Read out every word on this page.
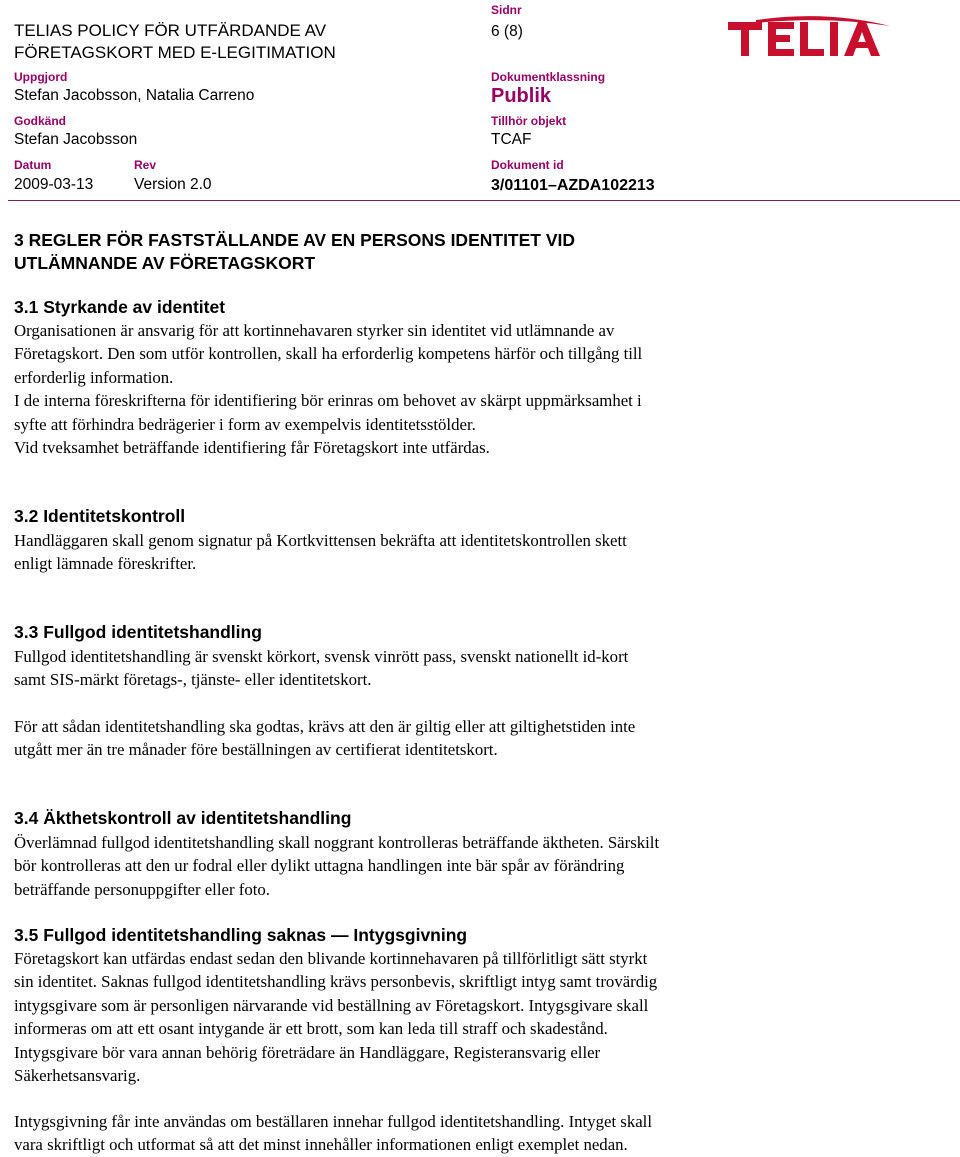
TELIAS POLICY FÖR UTFÄRDANDE AV
FÖRETAGSKORT MED E-LEGITIMATION
Sidnr
6 (8)
Uppgjord
Stefan Jacobsson, Natalia Carreno
Dokumentklassning
Publik
Godkänd
Stefan Jacobsson
Tillhör objekt
TCAF
Datum
2009-03-13
Rev
Version 2.0
Dokument id
3/01101–AZDA102213
3 REGLER FÖR FASTSTÄLLANDE AV EN PERSONS IDENTITET VID
UTLÄMNANDE AV FÖRETAGSKORT
3.1 Styrkande av identitet
Organisationen är ansvarig för att kortinnehavaren styrker sin identitet vid utlämnande av
Företagskort. Den som utför kontrollen, skall ha erforderlig kompetens härför och tillgång till
erforderlig information.
I de interna föreskrifterna för identifiering bör erinras om behovet av skärpt uppmärksamhet i
syfte att förhindra bedrägerier i form av exempelvis identitetsstölder.
Vid tveksamhet beträffande identifiering får Företagskort inte utfärdas.
3.2 Identitetskontroll
Handläggaren skall genom signatur på Kortkvittensen bekräfta att identitetskontrollen skett
enligt lämnade föreskrifter.
3.3 Fullgod identitetshandling
Fullgod identitetshandling är svenskt körkort, svensk vinrött pass, svenskt nationellt id-kort
samt SIS-märkt företags-, tjänste- eller identitetskort.
För att sådan identitetshandling ska godtas, krävs att den är giltig eller att giltighetstiden inte
utgått mer än tre månader före beställningen av certifierat identitetskort.
3.4 Äkthetskontroll av identitetshandling
Överlämnad fullgod identitetshandling skall noggrant kontrolleras beträffande äktheten. Särskilt
bör kontrolleras att den ur fodral eller dylikt uttagna handlingen inte bär spår av förändring
beträffande personuppgifter eller foto.
3.5 Fullgod identitetshandling saknas — Intygsgivning
Företagskort kan utfärdas endast sedan den blivande kortinnehavaren på tillförlitligt sätt styrkt
sin identitet. Saknas fullgod identitetshandling krävs personbevis, skriftligt intyg samt trovärdig
intygsgivare som är personligen närvarande vid beställning av Företagskort. Intygsgivare skall
informeras om att ett osant intygande är ett brott, som kan leda till straff och skadestånd.
Intygsgivare bör vara annan behörig företrädare än Handläggare, Registeransvarig eller
Säkerhetsansvarig.
Intygsgivning får inte användas om beställaren innehar fullgod identitetshandling. Intyget skall
vara skriftligt och utformat så att det minst innehåller informationen enligt exemplet nedan.
